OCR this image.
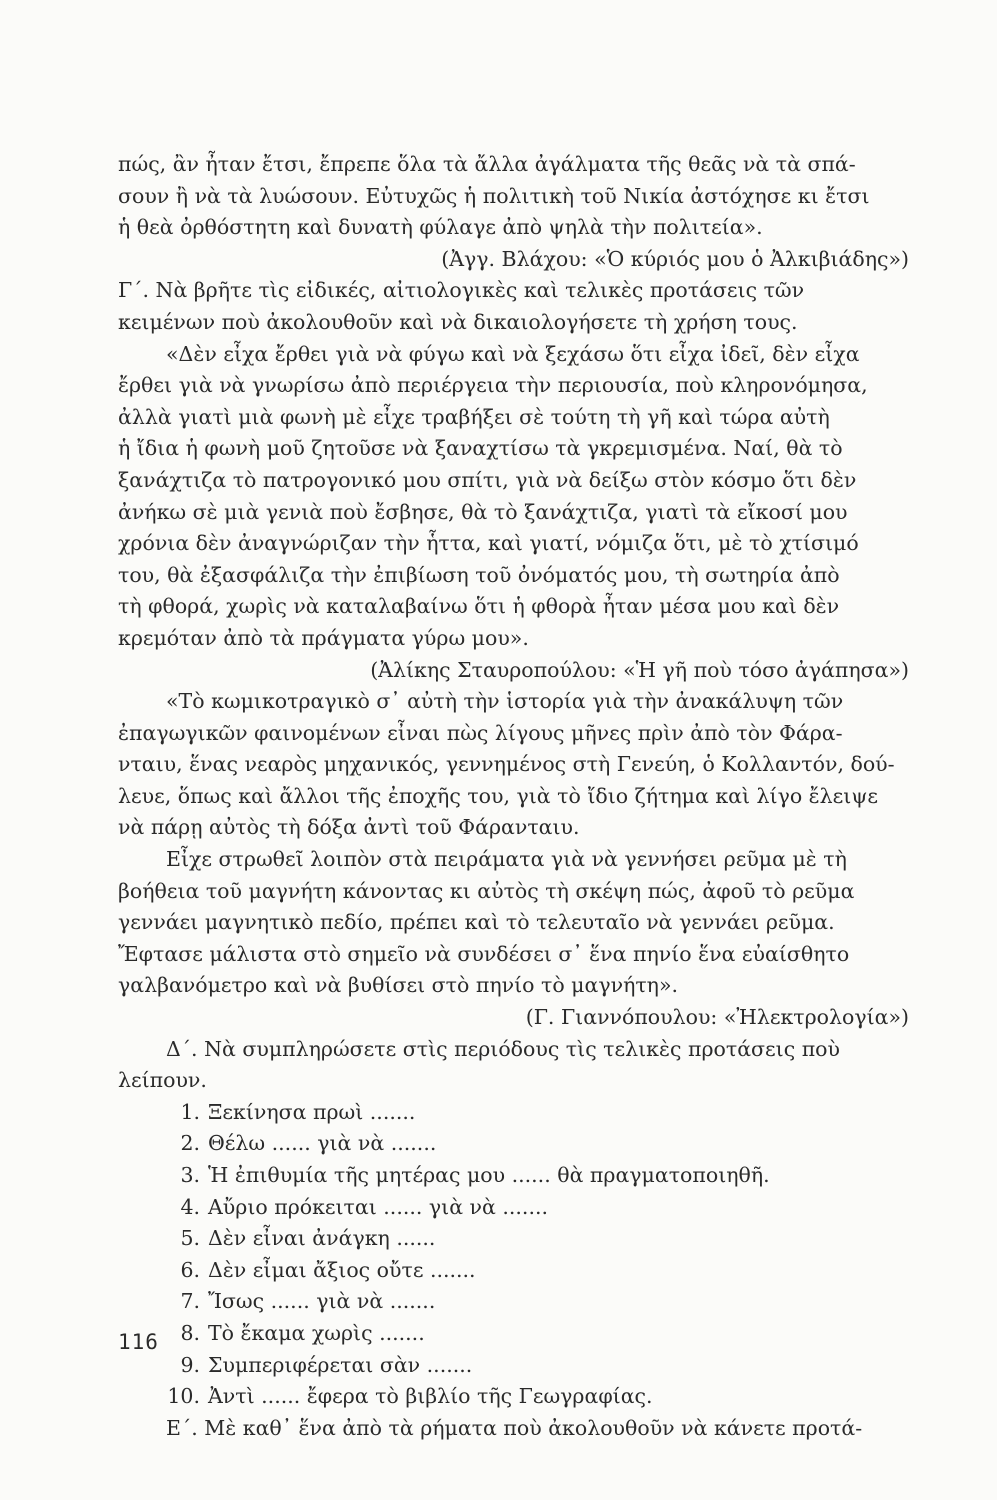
πώς, ἂν ἦταν ἔτσι, ἔπρεπε ὅλα τὰ ἄλλα ἀγάλματα τῆς θεᾶς νὰ τὰ σπά-
σουν ἢ νὰ τὰ λυώσουν. Εὐτυχῶς ἡ πολιτικὴ τοῦ Νικία ἀστόχησε κι ἔτσι
ἡ θεὰ ὀρθόστητη καὶ δυνατὴ φύλαγε ἀπὸ ψηλὰ τὴν πολιτεία».
(Ἀγγ. Βλάχου: «Ὁ κύριός μου ὁ Ἀλκιβιάδης»)
Γ΄. Νὰ βρῆτε τὶς εἰδικές, αἰτιολογικὲς καὶ τελικὲς προτάσεις τῶν
κειμένων ποὺ ἀκολουθοῦν καὶ νὰ δικαιολογήσετε τὴ χρήση τους.
«Δὲν εἶχα ἔρθει γιὰ νὰ φύγω καὶ νὰ ξεχάσω ὅτι εἶχα ἰδεῖ, δὲν εἶχα
ἔρθει γιὰ νὰ γνωρίσω ἀπὸ περιέργεια τὴν περιουσία, ποὺ κληρονόμησα,
ἀλλὰ γιατὶ μιὰ φωνὴ μὲ εἶχε τραβήξει σὲ τούτη τὴ γῆ καὶ τώρα αὐτὴ
ἡ ἴδια ἡ φωνὴ μοῦ ζητοῦσε νὰ ξαναχτίσω τὰ γκρεμισμένα. Ναί, θὰ τὸ
ξανάχτιζα τὸ πατρογονικό μου σπίτι, γιὰ νὰ δείξω στὸν κόσμο ὅτι δὲν
ἀνήκω σὲ μιὰ γενιὰ ποὺ ἔσβησε, θὰ τὸ ξανάχτιζα, γιατὶ τὰ εἴκοσί μου
χρόνια δὲν ἀναγνώριζαν τὴν ἧττα, καὶ γιατί, νόμιζα ὅτι, μὲ τὸ χτίσιμό
του, θὰ ἐξασφάλιζα τὴν ἐπιβίωση τοῦ ὀνόματός μου, τὴ σωτηρία ἀπὸ
τὴ φθορά, χωρὶς νὰ καταλαβαίνω ὅτι ἡ φθορὰ ἦταν μέσα μου καὶ δὲν
κρεμόταν ἀπὸ τὰ πράγματα γύρω μου».
(Ἀλίκης Σταυροπούλου: «Ἡ γῆ ποὺ τόσο ἀγάπησα»)
«Τὸ κωμικοτραγικὸ σ᾽ αὐτὴ τὴν ἱστορία γιὰ τὴν ἀνακάλυψη τῶν
ἐπαγωγικῶν φαινομένων εἶναι πὼς λίγους μῆνες πρὶν ἀπὸ τὸν Φάρα-
νταιυ, ἕνας νεαρὸς μηχανικός, γεννημένος στὴ Γενεύη, ὁ Κολλαντόν, δού-
λευε, ὅπως καὶ ἄλλοι τῆς ἐποχῆς του, γιὰ τὸ ἴδιο ζήτημα καὶ λίγο ἔλειψε
νὰ πάρῃ αὐτὸς τὴ δόξα ἀντὶ τοῦ Φάρανταιυ.
Εἶχε στρωθεῖ λοιπὸν στὰ πειράματα γιὰ νὰ γεννήσει ρεῦμα μὲ τὴ
βοήθεια τοῦ μαγνήτη κάνοντας κι αὐτὸς τὴ σκέψη πώς, ἀφοῦ τὸ ρεῦμα
γεννάει μαγνητικὸ πεδίο, πρέπει καὶ τὸ τελευταῖο νὰ γεννάει ρεῦμα.
Ἔφτασε μάλιστα στὸ σημεῖο νὰ συνδέσει σ᾽ ἕνα πηνίο ἕνα εὐαίσθητο
γαλβανόμετρο καὶ νὰ βυθίσει στὸ πηνίο τὸ μαγνήτη».
(Γ. Γιαννόπουλου: «Ἠλεκτρολογία»)
Δ΄. Νὰ συμπληρώσετε στὶς περιόδους τὶς τελικὲς προτάσεις ποὺ
λείπουν.
1. Ξεκίνησα πρωὶ .......
2. Θέλω ...... γιὰ νὰ .......
3. Ἡ ἐπιθυμία τῆς μητέρας μου ...... θὰ πραγματοποιηθῆ.
4. Αὔριο πρόκειται ...... γιὰ νὰ .......
5. Δὲν εἶναι ἀνάγκη ......
6. Δὲν εἶμαι ἄξιος οὔτε .......
7. Ἴσως ...... γιὰ νὰ .......
8. Τὸ ἔκαμα χωρὶς .......
9. Συμπεριφέρεται σὰν .......
10. Ἀντὶ ...... ἔφερα τὸ βιβλίο τῆς Γεωγραφίας.
Ε΄. Μὲ καθ᾽ ἕνα ἀπὸ τὰ ρήματα ποὺ ἀκολουθοῦν νὰ κάνετε προτά-
116
